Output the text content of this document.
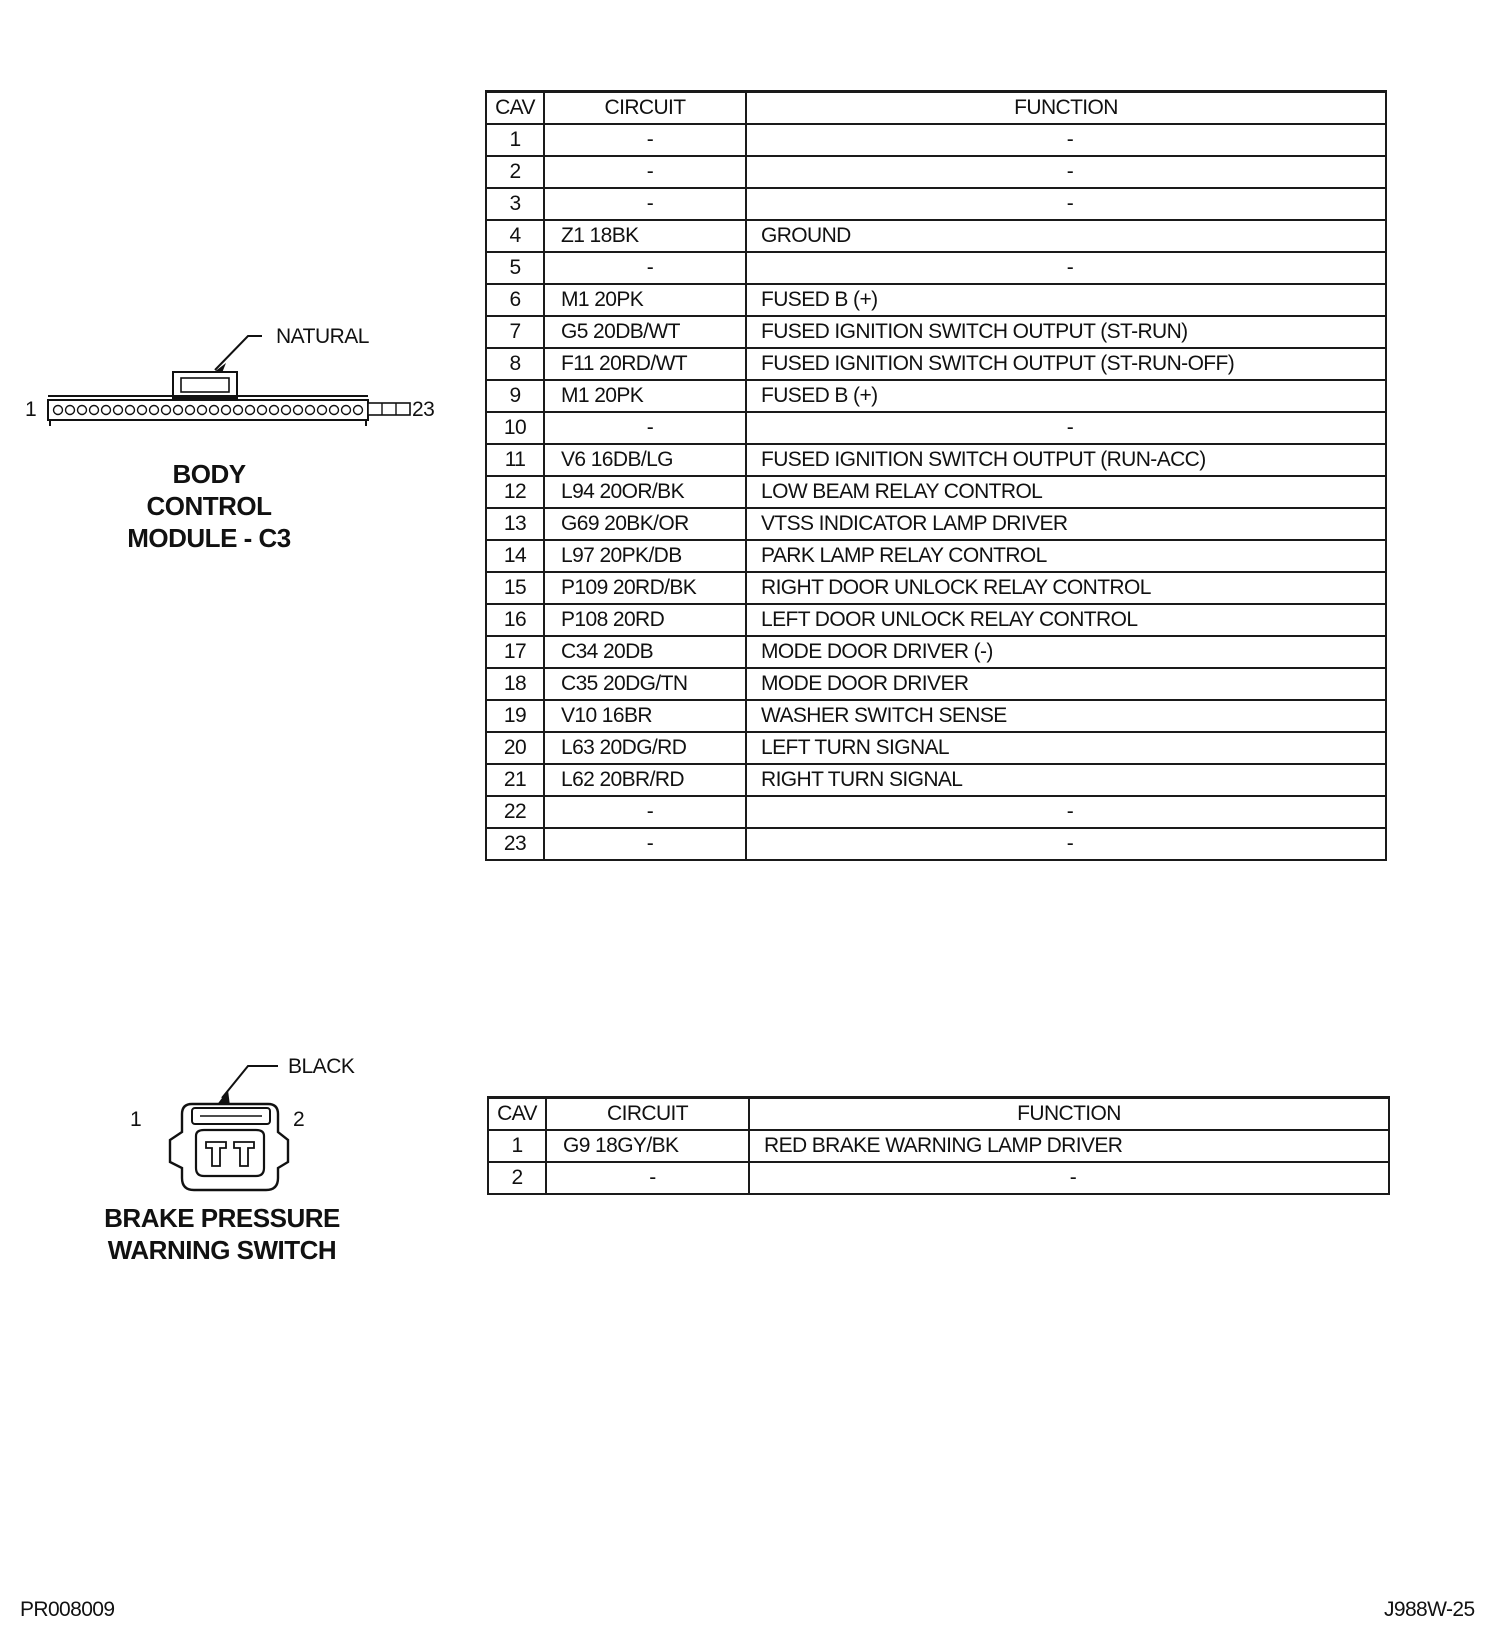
NATURAL
1	23
BODY
CONTROL
MODULE - C3
CAV	CIRCUIT	FUNCTION
1	-	-
2	-	-
3	-	-
4	Z1 18BK	GROUND
5	-	-
6	M1 20PK	FUSED B (+)
7	G5 20DB/WT	FUSED IGNITION SWITCH OUTPUT (ST-RUN)
8	F11 20RD/WT	FUSED IGNITION SWITCH OUTPUT (ST-RUN-OFF)
9	M1 20PK	FUSED B (+)
10	-	-
11	V6 16DB/LG	FUSED IGNITION SWITCH OUTPUT (RUN-ACC)
12	L94 20OR/BK	LOW BEAM RELAY CONTROL
13	G69 20BK/OR	VTSS INDICATOR LAMP DRIVER
14	L97 20PK/DB	PARK LAMP RELAY CONTROL
15	P109 20RD/BK	RIGHT DOOR UNLOCK RELAY CONTROL
16	P108 20RD	LEFT DOOR UNLOCK RELAY CONTROL
17	C34 20DB	MODE DOOR DRIVER (-)
18	C35 20DG/TN	MODE DOOR DRIVER
19	V10 16BR	WASHER SWITCH SENSE
20	L63 20DG/RD	LEFT TURN SIGNAL
21	L62 20BR/RD	RIGHT TURN SIGNAL
22	-	-
23	-	-
BLACK
1	2
BRAKE PRESSURE
WARNING SWITCH
CAV	CIRCUIT	FUNCTION
1	G9 18GY/BK	RED BRAKE WARNING LAMP DRIVER
2	-	-
PR008009	J988W-25
